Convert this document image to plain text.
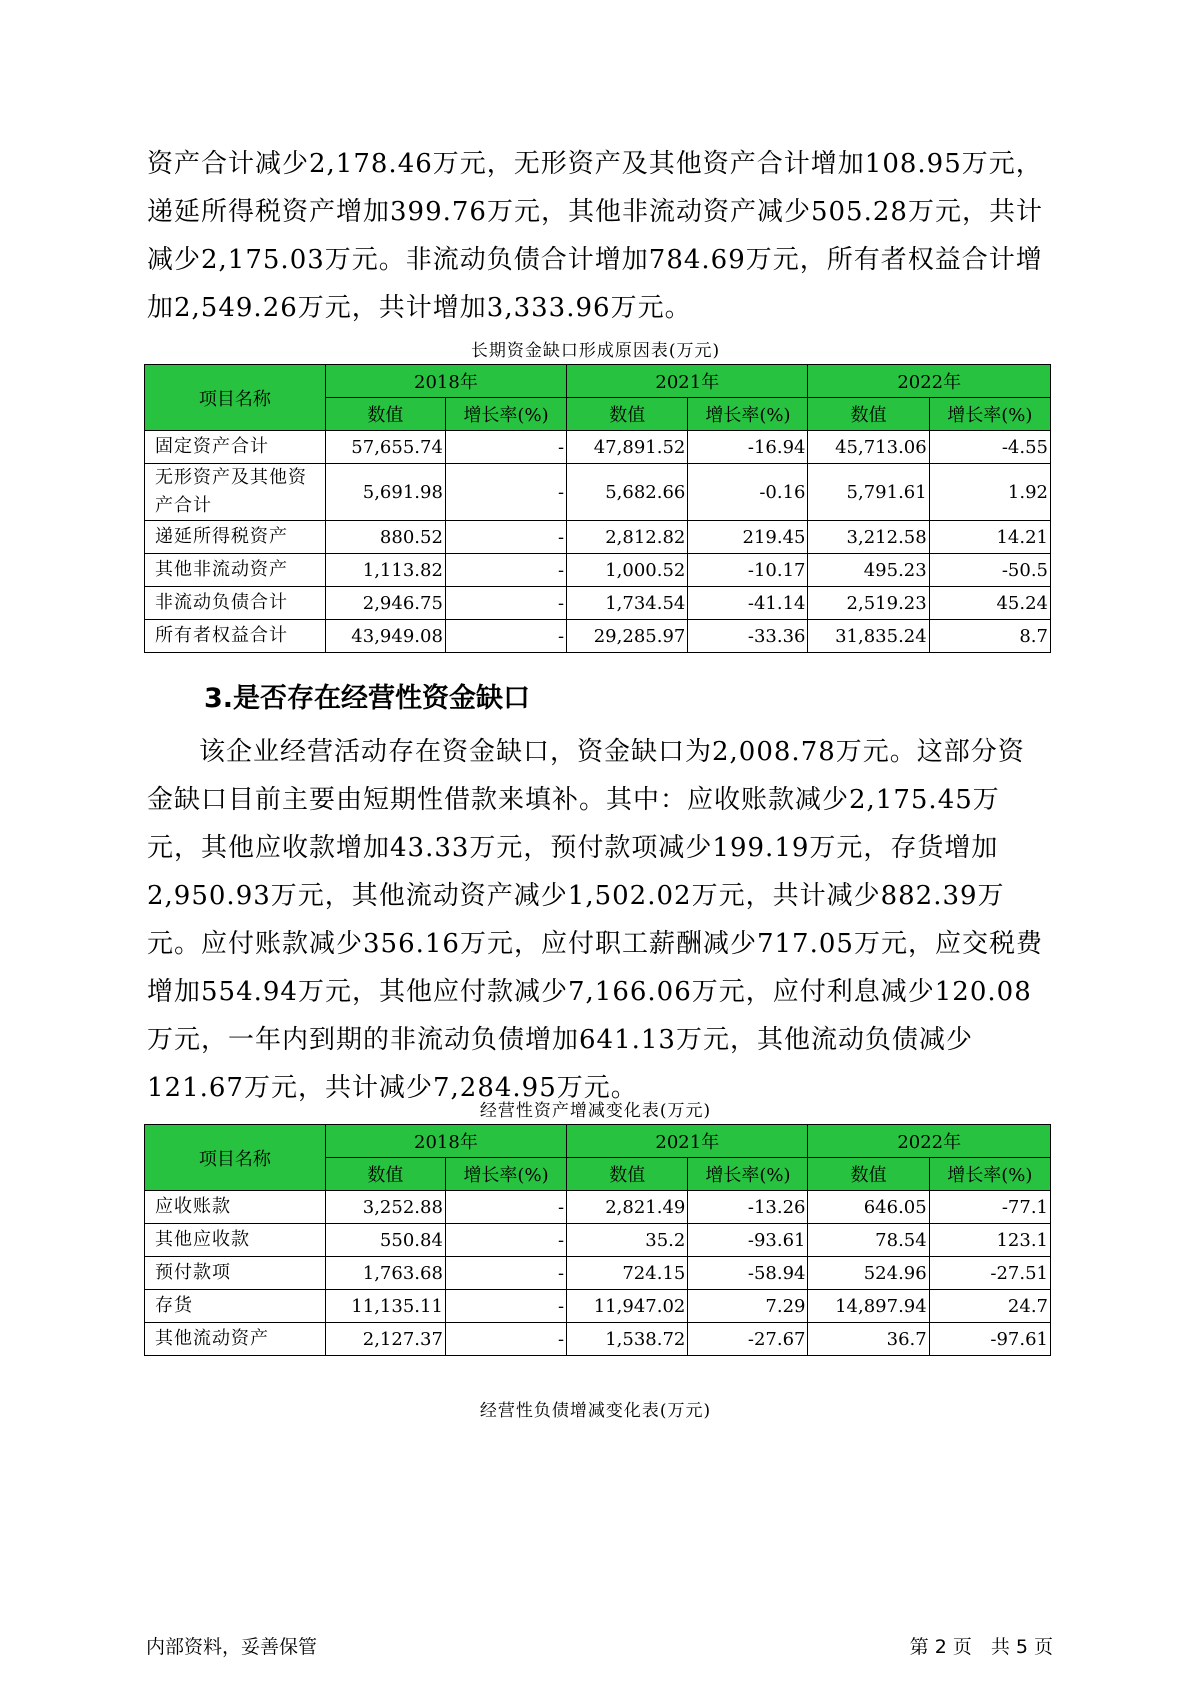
资产合计减少2,178.46万元，无形资产及其他资产合计增加108.95万元，递延所得税资产增加399.76万元，其他非流动资产减少505.28万元，共计减少2,175.03万元。非流动负债合计增加784.69万元，所有者权益合计增加2,549.26万元，共计增加3,333.96万元。

长期资金缺口形成原因表(万元)
项目名称	2018年		2021年		2022年	
	数值	增长率(%)	数值	增长率(%)	数值	增长率(%)
固定资产合计	57,655.74	-	47,891.52	-16.94	45,713.06	-4.55
无形资产及其他资产合计	5,691.98	-	5,682.66	-0.16	5,791.61	1.92
递延所得税资产	880.52	-	2,812.82	219.45	3,212.58	14.21
其他非流动资产	1,113.82	-	1,000.52	-10.17	495.23	-50.5
非流动负债合计	2,946.75	-	1,734.54	-41.14	2,519.23	45.24
所有者权益合计	43,949.08	-	29,285.97	-33.36	31,835.24	8.7
3.是否存在经营性资金缺口

该企业经营活动存在资金缺口，资金缺口为2,008.78万元。这部分资金缺口目前主要由短期性借款来填补。其中：应收账款减少2,175.45万元，其他应收款增加43.33万元，预付款项减少199.19万元，存货增加2,950.93万元，其他流动资产减少1,502.02万元，共计减少882.39万元。应付账款减少356.16万元，应付职工薪酬减少717.05万元，应交税费增加554.94万元，其他应付款减少7,166.06万元，应付利息减少120.08万元，一年内到期的非流动负债增加641.13万元，其他流动负债减少121.67万元，共计减少7,284.95万元。

经营性资产增减变化表(万元)
项目名称	2018年		2021年		2022年	
	数值	增长率(%)	数值	增长率(%)	数值	增长率(%)
应收账款	3,252.88	-	2,821.49	-13.26	646.05	-77.1
其他应收款	550.84	-	35.2	-93.61	78.54	123.1
预付款项	1,763.68	-	724.15	-58.94	524.96	-27.51
存货	11,135.11	-	11,947.02	7.29	14,897.94	24.7
其他流动资产	2,127.37	-	1,538.72	-27.67	36.7	-97.61
经营性负债增减变化表(万元)
内部资料，妥善保管	第 2 页　共 5 页
